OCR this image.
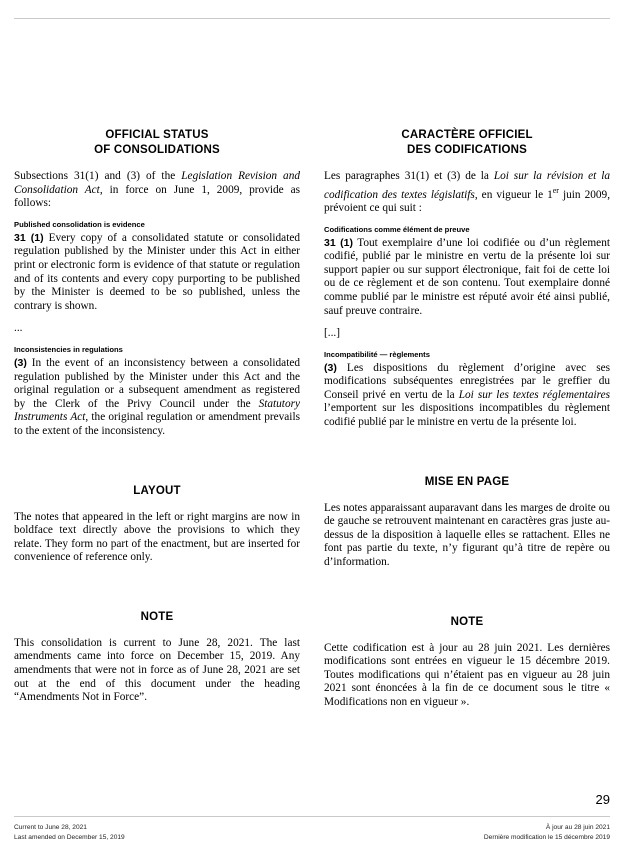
OFFICIAL STATUS
OF CONSOLIDATIONS

Subsections 31(1) and (3) of the Legislation Revision and Consolidation Act, in force on June 1, 2009, provide as follows:

Published consolidation is evidence

31 (1) Every copy of a consolidated statute or consolidated regulation published by the Minister under this Act in either print or electronic form is evidence of that statute or regulation and of its contents and every copy purporting to be published by the Minister is deemed to be so published, unless the contrary is shown.

...

Inconsistencies in regulations

(3) In the event of an inconsistency between a consolidated regulation published by the Minister under this Act and the original regulation or a subsequent amendment as registered by the Clerk of the Privy Council under the Statutory Instruments Act, the original regulation or amendment prevails to the extent of the inconsistency.

LAYOUT

The notes that appeared in the left or right margins are now in boldface text directly above the provisions to which they relate. They form no part of the enactment, but are inserted for convenience of reference only.

NOTE

This consolidation is current to June 28, 2021. The last amendments came into force on December 15, 2019. Any amendments that were not in force as of June 28, 2021 are set out at the end of this document under the heading “Amendments Not in Force”.

CARACTÈRE OFFICIEL
DES CODIFICATIONS

Les paragraphes 31(1) et (3) de la Loi sur la révision et la codification des textes législatifs, en vigueur le 1er juin 2009, prévoient ce qui suit :

Codifications comme élément de preuve

31 (1) Tout exemplaire d’une loi codifiée ou d’un règlement codifié, publié par le ministre en vertu de la présente loi sur support papier ou sur support électronique, fait foi de cette loi ou de ce règlement et de son contenu. Tout exemplaire donné comme publié par le ministre est réputé avoir été ainsi publié, sauf preuve contraire.

[...]

Incompatibilité — règlements

(3) Les dispositions du règlement d’origine avec ses modifications subséquentes enregistrées par le greffier du Conseil privé en vertu de la Loi sur les textes réglementaires l’emportent sur les dispositions incompatibles du règlement codifié publié par le ministre en vertu de la présente loi.

MISE EN PAGE

Les notes apparaissant auparavant dans les marges de droite ou de gauche se retrouvent maintenant en caractères gras juste au-dessus de la disposition à laquelle elles se rattachent. Elles ne font pas partie du texte, n’y figurant qu’à titre de repère ou d’information.

NOTE

Cette codification est à jour au 28 juin 2021. Les dernières modifications sont entrées en vigueur le 15 décembre 2019. Toutes modifications qui n’étaient pas en vigueur au 28 juin 2021 sont énoncées à la fin de ce document sous le titre « Modifications non en vigueur ».

29
Current to June 28, 2021	À jour au 28 juin 2021
Last amended on December 15, 2019	Dernière modification le 15 décembre 2019
